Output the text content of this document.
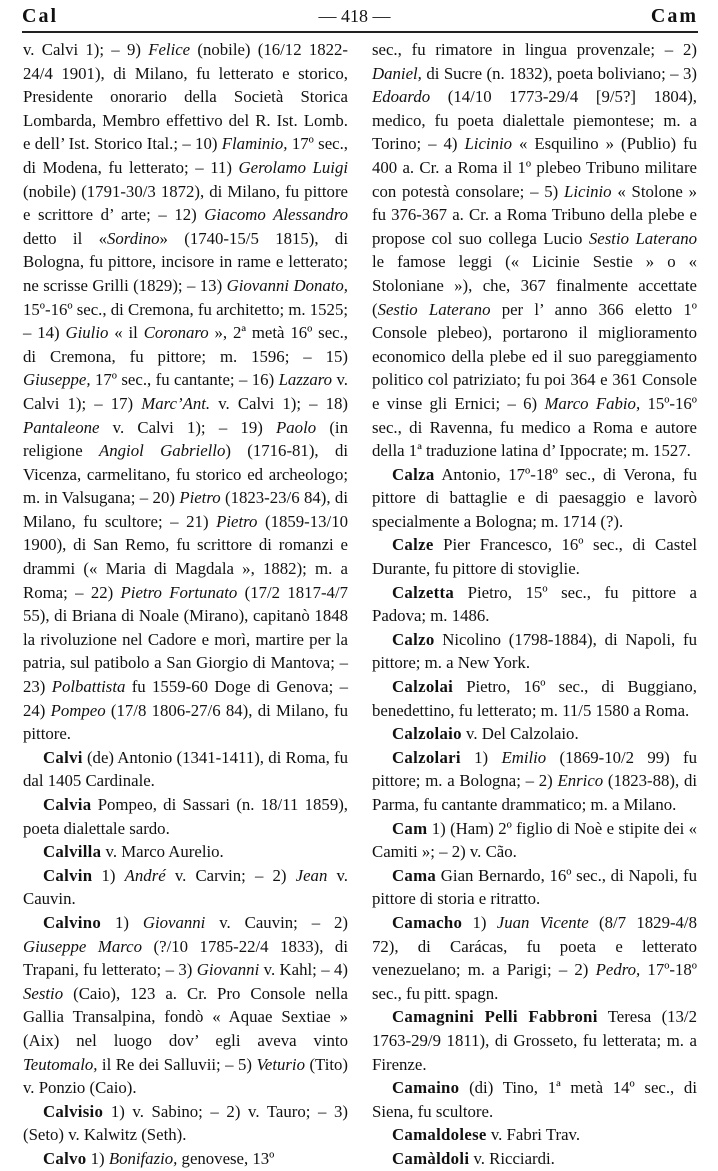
Cal	— 418 —	Cam

v. Calvi 1); – 9) Felice (nobile) (16/12 1822-24/4 1901), di Milano, fu letterato e storico, Presidente onorario della Società Storica Lombarda, Membro effettivo del R. Ist. Lomb. e dell’ Ist. Storico Ital.; – 10) Flaminio, 17º sec., di Modena, fu letterato; – 11) Gerolamo Luigi (nobile) (1791-30/3 1872), di Milano, fu pittore e scrittore d’ arte; – 12) Giacomo Alessandro detto il «Sordino» (1740-15/5 1815), di Bologna, fu pittore, incisore in rame e letterato; ne scrisse Grilli (1829); – 13) Giovanni Donato, 15º-16º sec., di Cremona, fu architetto; m. 1525; – 14) Giulio « il Coronaro », 2ª metà 16º sec., di Cremona, fu pittore; m. 1596; – 15) Giuseppe, 17º sec., fu cantante; – 16) Lazzaro v. Calvi 1); – 17) Marc’Ant. v. Calvi 1); – 18) Pantaleone v. Calvi 1); – 19) Paolo (in religione Angiol Gabriello) (1716-81), di Vicenza, carmelitano, fu storico ed archeologo; m. in Valsugana; – 20) Pietro (1823-23/6 84), di Milano, fu scultore; – 21) Pietro (1859-13/10 1900), di San Remo, fu scrittore di romanzi e drammi (« Maria di Magdala », 1882); m. a Roma; – 22) Pietro Fortunato (17/2 1817-4/7 55), di Briana di Noale (Mirano), capitanò 1848 la rivoluzione nel Cadore e morì, martire per la patria, sul patibolo a San Giorgio di Mantova; – 23) Polbattista fu 1559-60 Doge di Genova; – 24) Pompeo (17/8 1806-27/6 84), di Milano, fu pittore.

Calvi (de) Antonio (1341-1411), di Roma, fu dal 1405 Cardinale.

Calvia Pompeo, di Sassari (n. 18/11 1859), poeta dialettale sardo.

Calvilla v. Marco Aurelio.

Calvin 1) André v. Carvin; – 2) Jean v. Cauvin.

Calvino 1) Giovanni v. Cauvin; – 2) Giuseppe Marco (?/10 1785-22/4 1833), di Trapani, fu letterato; – 3) Giovanni v. Kahl; – 4) Sestio (Caio), 123 a. Cr. Pro Console nella Gallia Transalpina, fondò « Aquae Sextiae » (Aix) nel luogo dov’ egli aveva vinto Teutomalo, il Re dei Salluvii; – 5) Veturio (Tito) v. Ponzio (Caio).

Calvisio 1) v. Sabino; – 2) v. Tauro; – 3) (Seto) v. Kalwitz (Seth).

Calvo 1) Bonifazio, genovese, 13º

sec., fu rimatore in lingua provenzale; – 2) Daniel, di Sucre (n. 1832), poeta boliviano; – 3) Edoardo (14/10 1773-29/4 [9/5?] 1804), medico, fu poeta dialettale piemontese; m. a Torino; – 4) Licinio « Esquilino » (Publio) fu 400 a. Cr. a Roma il 1º plebeo Tribuno militare con potestà consolare; – 5) Licinio « Stolone » fu 376-367 a. Cr. a Roma Tribuno della plebe e propose col suo collega Lucio Sestio Laterano le famose leggi (« Licinie Sestie » o « Stoloniane »), che, 367 finalmente accettate (Sestio Laterano per l’ anno 366 eletto 1º Console plebeo), portarono il miglioramento economico della plebe ed il suo pareggiamento politico col patriziato; fu poi 364 e 361 Console e vinse gli Ernici; – 6) Marco Fabio, 15º-16º sec., di Ravenna, fu medico a Roma e autore della 1ª traduzione latina d’ Ippocrate; m. 1527.

Calza Antonio, 17º-18º sec., di Verona, fu pittore di battaglie e di paesaggio e lavorò specialmente a Bologna; m. 1714 (?).

Calze Pier Francesco, 16º sec., di Castel Durante, fu pittore di stoviglie.

Calzetta Pietro, 15º sec., fu pittore a Padova; m. 1486.

Calzo Nicolino (1798-1884), di Napoli, fu pittore; m. a New York.

Calzolai Pietro, 16º sec., di Buggiano, benedettino, fu letterato; m. 11/5 1580 a Roma.

Calzolaio v. Del Calzolaio.

Calzolari 1) Emilio (1869-10/2 99) fu pittore; m. a Bologna; – 2) Enrico (1823-88), di Parma, fu cantante drammatico; m. a Milano.

Cam 1) (Ham) 2º figlio di Noè e stipite dei « Camiti »; – 2) v. Cão.

Cama Gian Bernardo, 16º sec., di Napoli, fu pittore di storia e ritratto.

Camacho 1) Juan Vicente (8/7 1829-4/8 72), di Carácas, fu poeta e letterato venezuelano; m. a Parigi; – 2) Pedro, 17º-18º sec., fu pitt. spagn.

Camagnini Pelli Fabbroni Teresa (13/2 1763-29/9 1811), di Grosseto, fu letterata; m. a Firenze.

Camaino (di) Tino, 1ª metà 14º sec., di Siena, fu scultore.

Camaldolese v. Fabri Trav.

Camàldoli v. Ricciardi.
